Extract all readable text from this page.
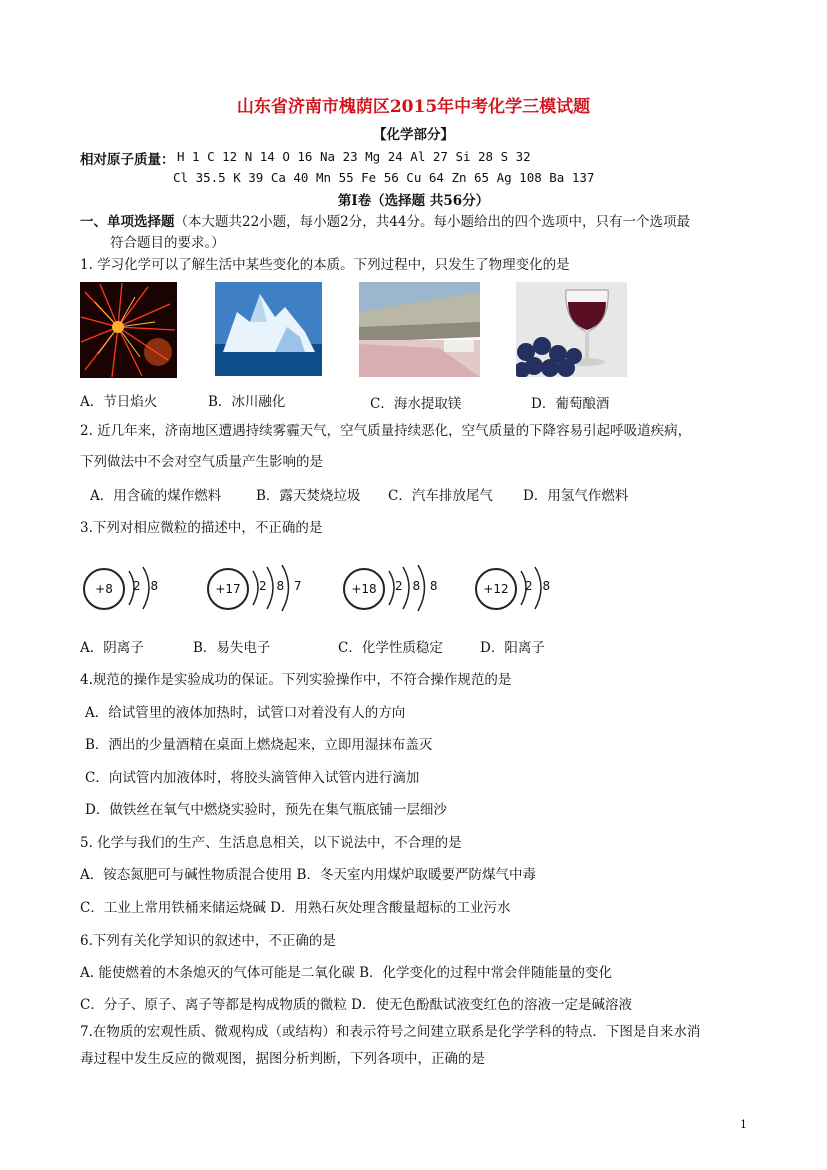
山东省济南市槐荫区2015年中考化学三模试题
【化学部分】
相对原子质量： H 1 C 12 N 14 O 16 Na 23 Mg 24 Al 27 Si 28 S 32
Cl 35.5 K 39 Ca 40 Mn 55 Fe 56 Cu 64 Zn 65 Ag 108 Ba 137
第Ⅰ卷（选择题 共56分）
一、单项选择题（本大题共22小题，每小题2分，共44分。每小题给出的四个选项中，只有一个选项最
符合题目的要求。）
1. 学习化学可以了解生活中某些变化的本质。下列过程中，只发生了物理变化的是
A．节日焰火	B．冰川融化	C．海水提取镁	D．葡萄酿酒
2. 近几年来，济南地区遭遇持续雾霾天气，空气质量持续恶化，空气质量的下降容易引起呼吸道疾病，
下列做法中不会对空气质量产生影响的是
A．用含硫的煤作燃料	B．露天焚烧垃圾 C．汽车排放尾气 D．用氢气作燃料
3.下列对相应微粒的描述中，不正确的是
+8	2 8	+17	2 8 7	+18	2 8 8	+12	2 8
A．阴离子	B．易失电子	C．化学性质稳定	D．阳离子
4.规范的操作是实验成功的保证。下列实验操作中，不符合操作规范的是
A．给试管里的液体加热时，试管口对着没有人的方向
B．洒出的少量酒精在桌面上燃烧起来，立即用湿抹布盖灭
C．向试管内加液体时，将胶头滴管伸入试管内进行滴加
D．做铁丝在氧气中燃烧实验时，预先在集气瓶底铺一层细沙
5. 化学与我们的生产、生活息息相关，以下说法中，不合理的是
A．铵态氮肥可与碱性物质混合使用 B．冬天室内用煤炉取暖要严防煤气中毒
C．工业上常用铁桶来储运烧碱 D．用熟石灰处理含酸量超标的工业污水
6.下列有关化学知识的叙述中，不正确的是
A. 能使燃着的木条熄灭的气体可能是二氧化碳 B．化学变化的过程中常会伴随能量的变化
C．分子、原子、离子等都是构成物质的微粒 D．使无色酚酞试液变红色的溶液一定是碱溶液
7.在物质的宏观性质、微观构成（或结构）和表示符号之间建立联系是化学学科的特点．下图是自来水消
毒过程中发生反应的微观图，据图分析判断，下列各项中，正确的是
1
